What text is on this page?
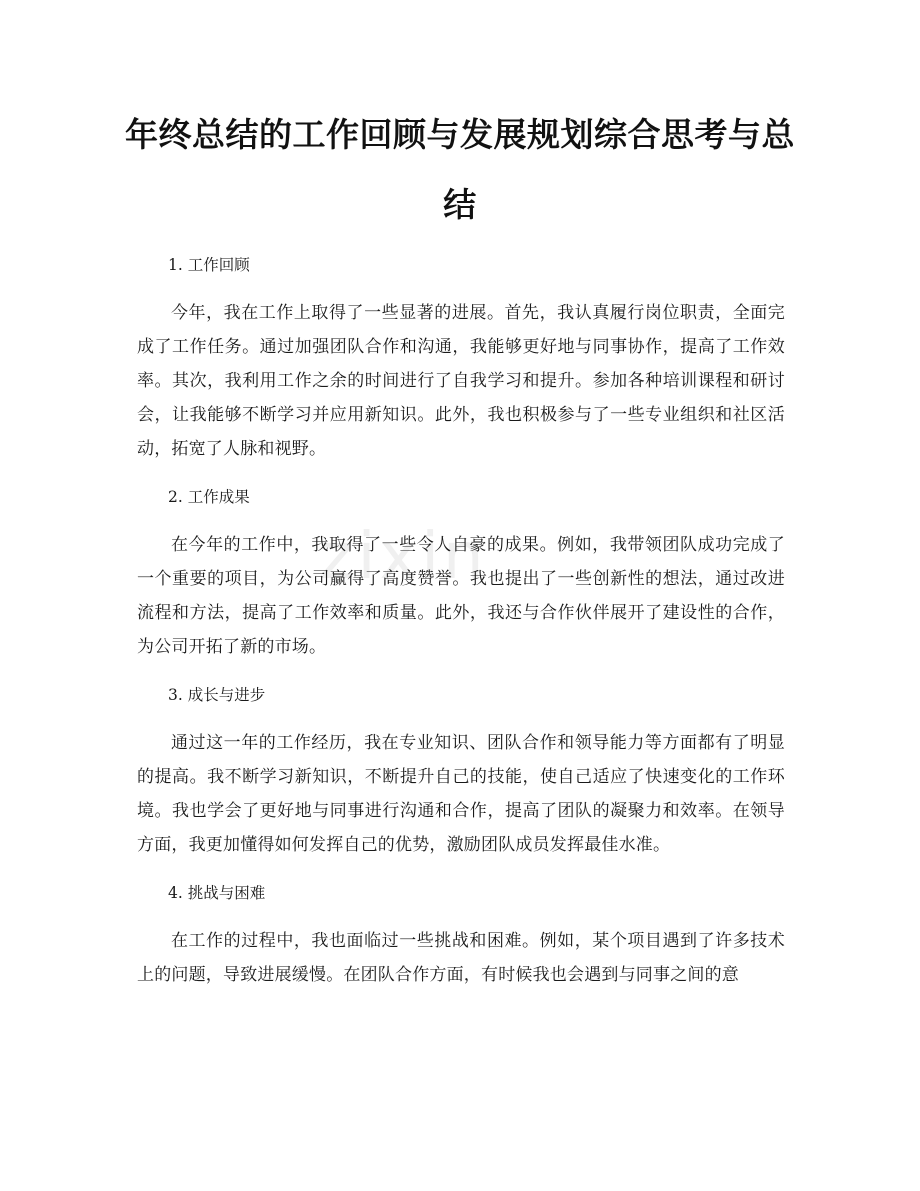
zixin
年终总结的工作回顾与发展规划综合思考与总结
1. 工作回顾

今年，我在工作上取得了一些显著的进展。首先，我认真履行岗位职责，全面完成了工作任务。通过加强团队合作和沟通，我能够更好地与同事协作，提高了工作效率。其次，我利用工作之余的时间进行了自我学习和提升。参加各种培训课程和研讨会，让我能够不断学习并应用新知识。此外，我也积极参与了一些专业组织和社区活动，拓宽了人脉和视野。

2. 工作成果

在今年的工作中，我取得了一些令人自豪的成果。例如，我带领团队成功完成了一个重要的项目，为公司赢得了高度赞誉。我也提出了一些创新性的想法，通过改进流程和方法，提高了工作效率和质量。此外，我还与合作伙伴展开了建设性的合作，为公司开拓了新的市场。

3. 成长与进步

通过这一年的工作经历，我在专业知识、团队合作和领导能力等方面都有了明显的提高。我不断学习新知识，不断提升自己的技能，使自己适应了快速变化的工作环境。我也学会了更好地与同事进行沟通和合作，提高了团队的凝聚力和效率。在领导方面，我更加懂得如何发挥自己的优势，激励团队成员发挥最佳水准。

4. 挑战与困难

在工作的过程中，我也面临过一些挑战和困难。例如，某个项目遇到了许多技术上的问题，导致进展缓慢。在团队合作方面，有时候我也会遇到与同事之间的意
